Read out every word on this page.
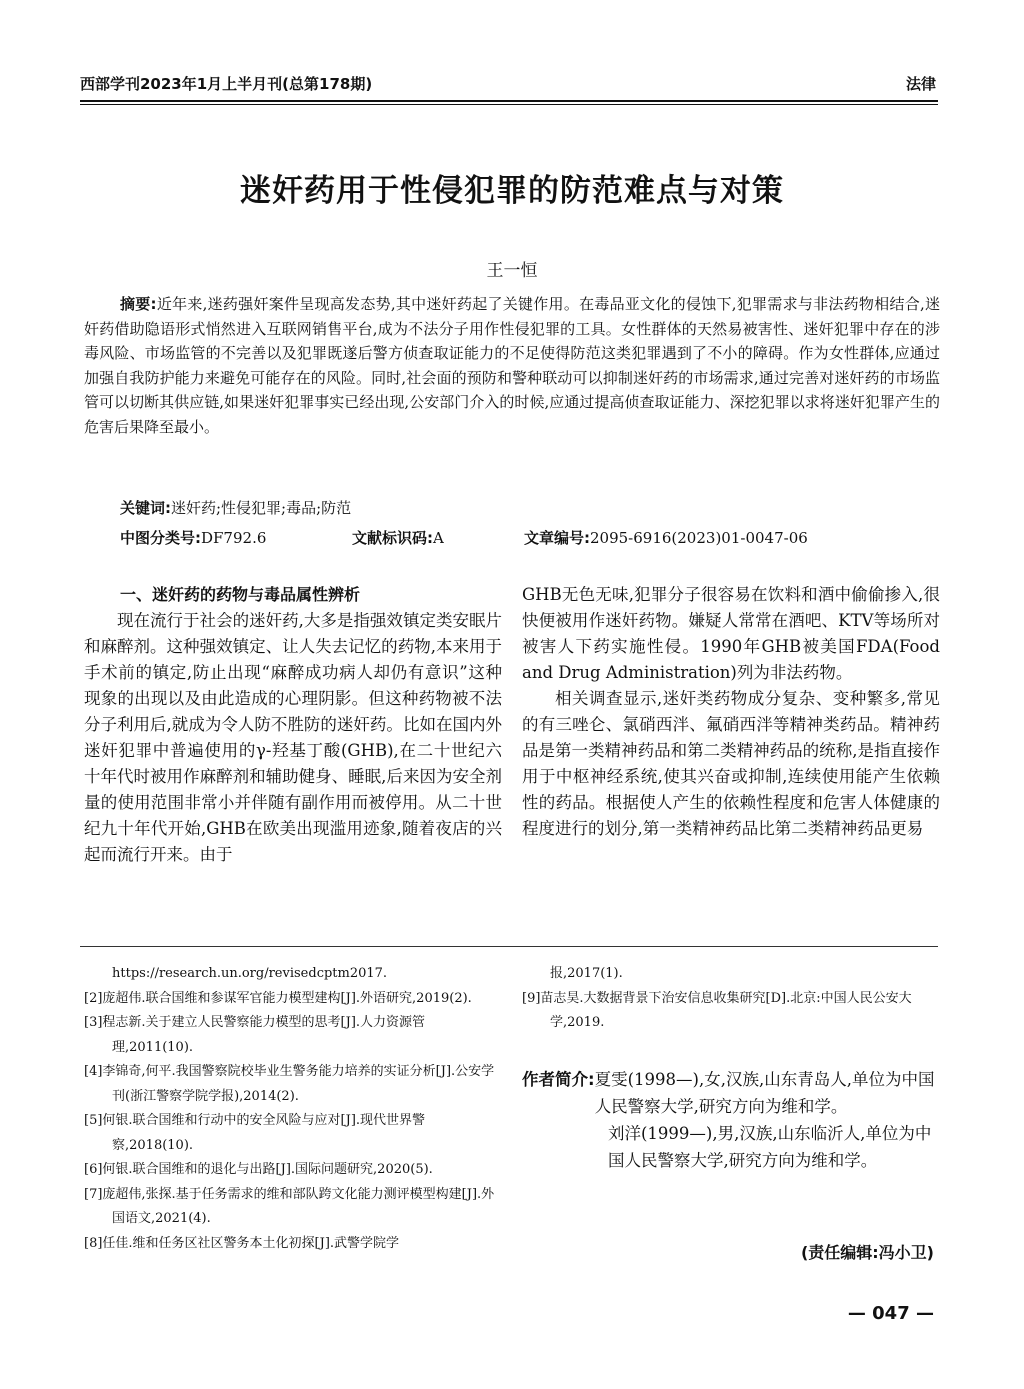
西部学刊2023年1月上半月刊(总第178期)	法律
迷奸药用于性侵犯罪的防范难点与对策
王一恒
摘要:近年来,迷药强奸案件呈现高发态势,其中迷奸药起了关键作用。在毒品亚文化的侵蚀下,犯罪需求与非法药物相结合,迷奸药借助隐语形式悄然进入互联网销售平台,成为不法分子用作性侵犯罪的工具。女性群体的天然易被害性、迷奸犯罪中存在的涉毒风险、市场监管的不完善以及犯罪既遂后警方侦查取证能力的不足使得防范这类犯罪遇到了不小的障碍。作为女性群体,应通过加强自我防护能力来避免可能存在的风险。同时,社会面的预防和警种联动可以抑制迷奸药的市场需求,通过完善对迷奸药的市场监管可以切断其供应链,如果迷奸犯罪事实已经出现,公安部门介入的时候,应通过提高侦查取证能力、深挖犯罪以求将迷奸犯罪产生的危害后果降至最小。
关键词:迷奸药;性侵犯罪;毒品;防范
中图分类号:DF792.6	文献标识码:A	文章编号:2095-6916(2023)01-0047-06
一、迷奸药的药物与毒品属性辨析

现在流行于社会的迷奸药,大多是指强效镇定类安眠片和麻醉剂。这种强效镇定、让人失去记忆的药物,本来用于手术前的镇定,防止出现“麻醉成功病人却仍有意识”这种现象的出现以及由此造成的心理阴影。但这种药物被不法分子利用后,就成为令人防不胜防的迷奸药。比如在国内外迷奸犯罪中普遍使用的γ-羟基丁酸(GHB),在二十世纪六十年代时被用作麻醉剂和辅助健身、睡眠,后来因为安全剂量的使用范围非常小并伴随有副作用而被停用。从二十世纪九十年代开始,GHB在欧美出现滥用迹象,随着夜店的兴起而流行开来。由于

GHB无色无味,犯罪分子很容易在饮料和酒中偷偷掺入,很快便被用作迷奸药物。嫌疑人常常在酒吧、KTV等场所对被害人下药实施性侵。1990年GHB被美国FDA(Food and Drug Administration)列为非法药物。

相关调查显示,迷奸类药物成分复杂、变种繁多,常见的有三唑仑、氯硝西泮、氟硝西泮等精神类药品。精神药品是第一类精神药品和第二类精神药品的统称,是指直接作用于中枢神经系统,使其兴奋或抑制,连续使用能产生依赖性的药品。根据使人产生的依赖性程度和危害人体健康的程度进行的划分,第一类精神药品比第二类精神药品更易

https://research.un.org/revisedcptm2017.
[2]庞超伟.联合国维和参谋军官能力模型建构[J].外语研究,2019(2).
[3]程志新.关于建立人民警察能力模型的思考[J].人力资源管理,2011(10).
[4]李锦奇,何平.我国警察院校毕业生警务能力培养的实证分析[J].公安学刊(浙江警察学院学报),2014(2).
[5]何银.联合国维和行动中的安全风险与应对[J].现代世界警察,2018(10).
[6]何银.联合国维和的退化与出路[J].国际问题研究,2020(5).
[7]庞超伟,张探.基于任务需求的维和部队跨文化能力测评模型构建[J].外国语文,2021(4).
[8]任佳.维和任务区社区警务本土化初探[J].武警学院学
报,2017(1).
[9]苗志昊.大数据背景下治安信息收集研究[D].北京:中国人民公安大学,2019.
作者简介: 夏雯(1998—),女,汉族,山东青岛人,单位为中国人民警察大学,研究方向为维和学。
刘洋(1999—),男,汉族,山东临沂人,单位为中国人民警察大学,研究方向为维和学。
(责任编辑:冯小卫)
— 047 —
